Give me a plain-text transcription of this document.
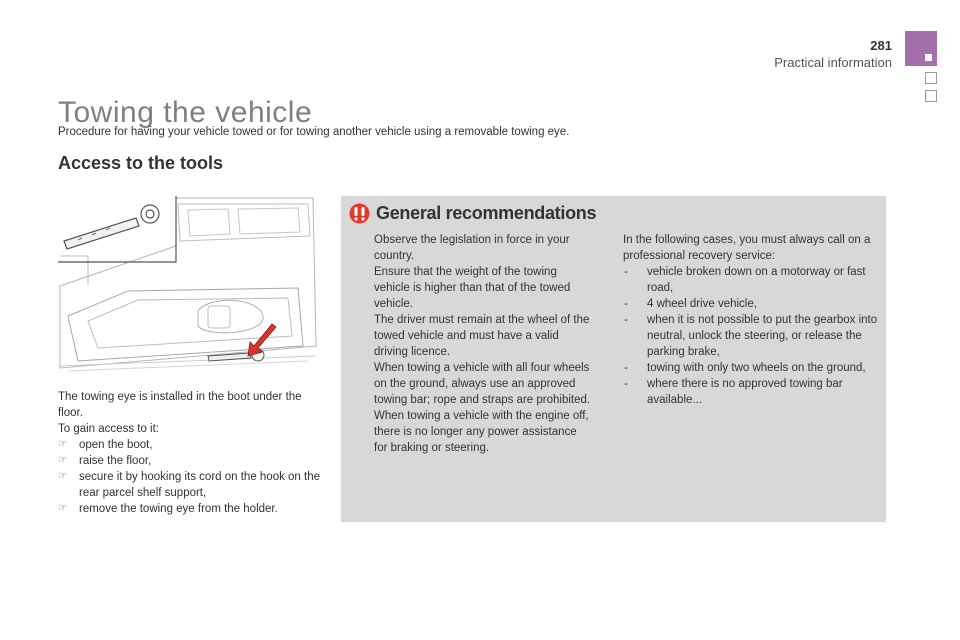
281
Practical information
Towing the vehicle

Procedure for having your vehicle towed or for towing another vehicle using a removable towing eye.

Access to the tools
The towing eye is installed in the boot under the floor.
To gain access to it:
☞ open the boot,
☞ raise the floor,
☞ secure it by hooking its cord on the hook on the rear parcel shelf support,
☞ remove the towing eye from the holder.
General recommendations
Observe the legislation in force in your country.
Ensure that the weight of the towing vehicle is higher than that of the towed vehicle.
The driver must remain at the wheel of the towed vehicle and must have a valid driving licence.
When towing a vehicle with all four wheels on the ground, always use an approved towing bar; rope and straps are prohibited.
When towing a vehicle with the engine off, there is no longer any power assistance for braking or steering.
In the following cases, you must always call on a professional recovery service:
- vehicle broken down on a motorway or fast road,
- 4 wheel drive vehicle,
- when it is not possible to put the gearbox into neutral, unlock the steering, or release the parking brake,
- towing with only two wheels on the ground,
- where there is no approved towing bar available...
